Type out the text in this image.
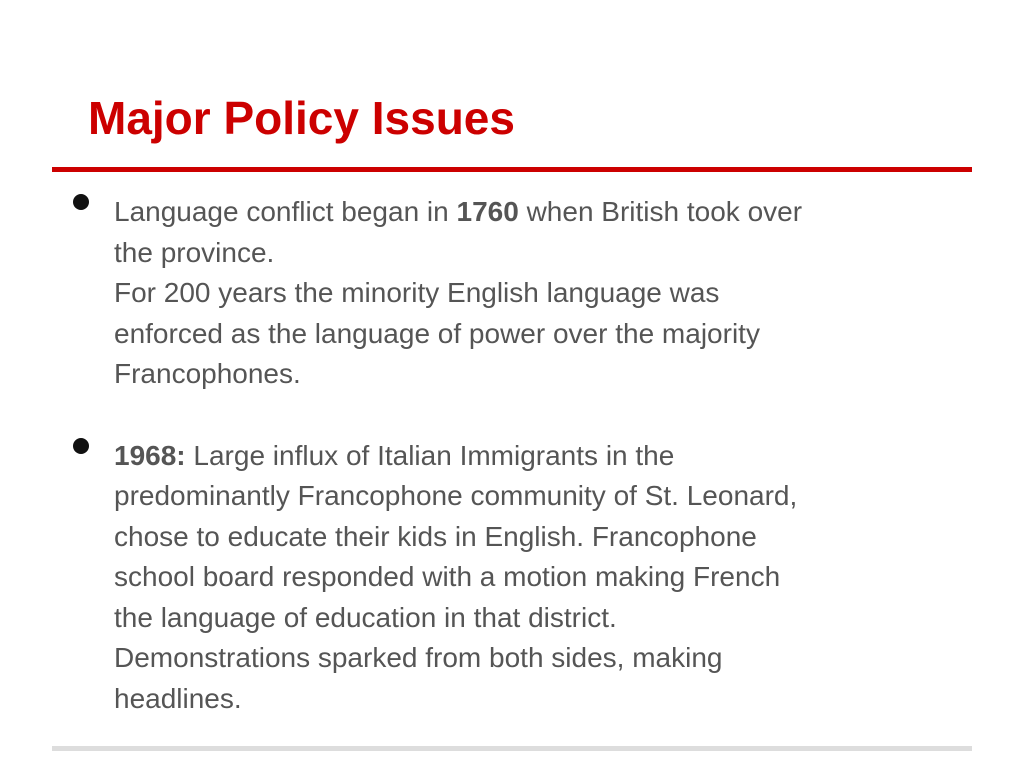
Major Policy Issues
Language conflict began in 1760 when British took over
the province.
For 200 years the minority English language was
enforced as the language of power over the majority
Francophones.
1968: Large influx of Italian Immigrants in the
predominantly Francophone community of St. Leonard,
chose to educate their kids in English. Francophone
school board responded with a motion making French
the language of education in that district.
Demonstrations sparked from both sides, making
headlines.
